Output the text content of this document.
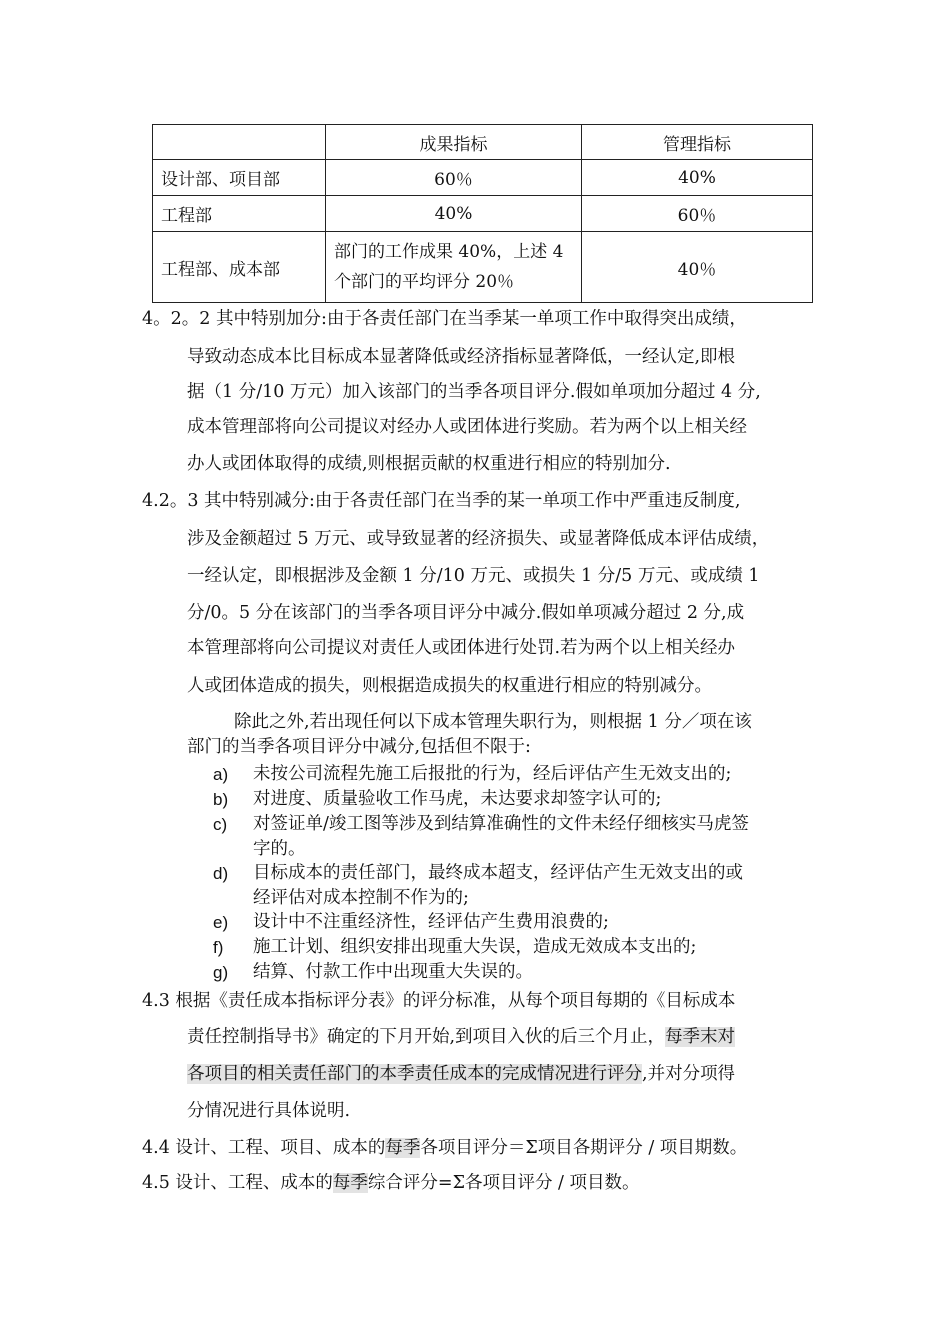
	成果指标	管理指标
设计部、项目部	60％	40%
工程部	40%	60％
工程部、成本部	部门的工作成果 40%，上述 4
个部门的平均评分 20％	40％
4。2。2 其中特别加分:由于各责任部门在当季某一单项工作中取得突出成绩，
导致动态成本比目标成本显著降低或经济指标显著降低，一经认定,即根
据（1 分/10 万元）加入该部门的当季各项目评分.假如单项加分超过 4 分,
成本管理部将向公司提议对经办人或团体进行奖励。若为两个以上相关经
办人或团体取得的成绩,则根据贡献的权重进行相应的特别加分.
4.2。3 其中特别减分:由于各责任部门在当季的某一单项工作中严重违反制度,
涉及金额超过 5 万元、或导致显著的经济损失、或显著降低成本评估成绩，
一经认定，即根据涉及金额 1 分/10 万元、或损失 1 分/5 万元、或成绩 1
分/0。5 分在该部门的当季各项目评分中减分.假如单项减分超过 2 分,成
本管理部将向公司提议对责任人或团体进行处罚.若为两个以上相关经办
人或团体造成的损失，则根据造成损失的权重进行相应的特别减分。
除此之外,若出现任何以下成本管理失职行为，则根据 1 分／项在该
部门的当季各项目评分中减分,包括但不限于:
a) 未按公司流程先施工后报批的行为，经后评估产生无效支出的;
b) 对进度、质量验收工作马虎，未达要求却签字认可的;
c) 对签证单/竣工图等涉及到结算准确性的文件未经仔细核实马虎签
字的。
d) 目标成本的责任部门，最终成本超支，经评估产生无效支出的或
经评估对成本控制不作为的;
e) 设计中不注重经济性，经评估产生费用浪费的;
f) 施工计划、组织安排出现重大失误，造成无效成本支出的;
g) 结算、付款工作中出现重大失误的。
4.3 根据《责任成本指标评分表》的评分标准，从每个项目每期的《目标成本
责任控制指导书》确定的下月开始,到项目入伙的后三个月止，每季末对
各项目的相关责任部门的本季责任成本的完成情况进行评分,并对分项得
分情况进行具体说明.
4.4 设计、工程、项目、成本的每季各项目评分＝Σ项目各期评分 / 项目期数。
4.5 设计、工程、成本的每季综合评分=Σ各项目评分 / 项目数。
